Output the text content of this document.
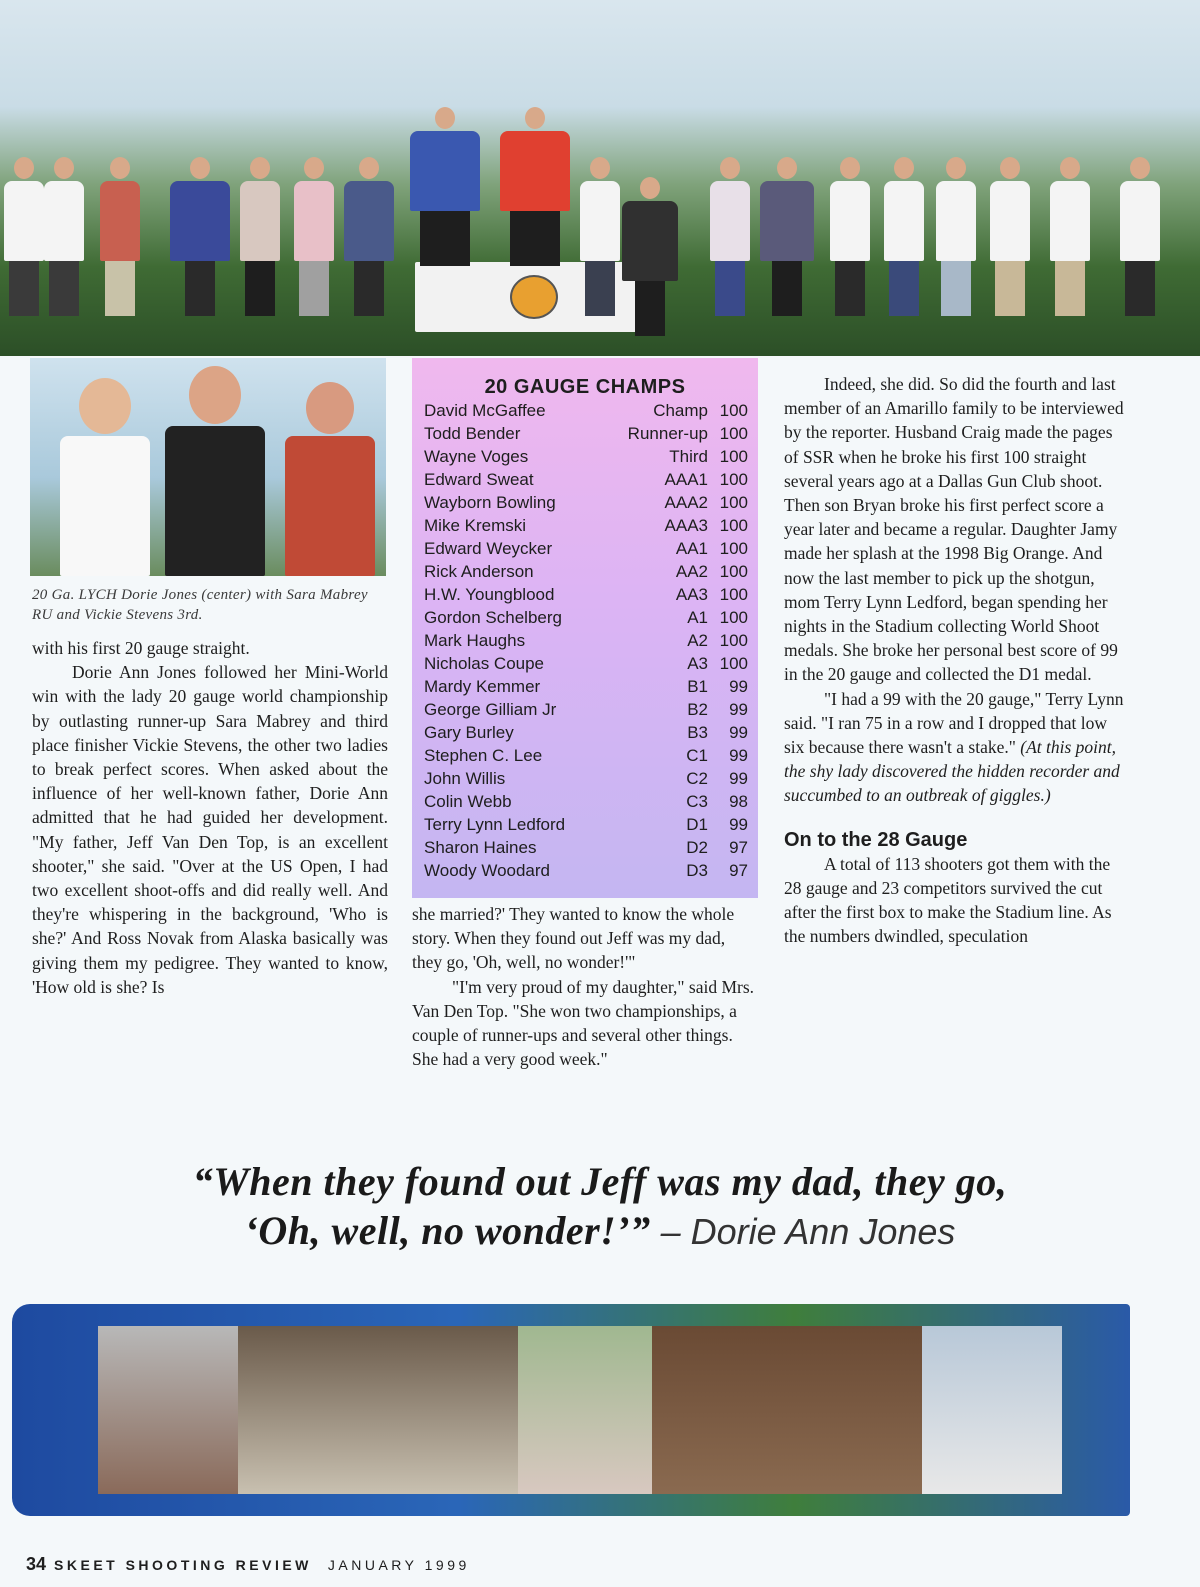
20 Ga. LYCH Dorie Jones (center) with Sara Mabrey RU and Vickie Stevens 3rd.

with his first 20 gauge straight.

Dorie Ann Jones followed her Mini-World win with the lady 20 gauge world championship by outlasting runner-up Sara Mabrey and third place finisher Vickie Stevens, the other two ladies to break perfect scores. When asked about the influence of her well-known father, Dorie Ann admitted that he had guided her development. "My father, Jeff Van Den Top, is an excellent shooter," she said. "Over at the US Open, I had two excellent shoot-offs and did really well. And they're whispering in the background, 'Who is she?' And Ross Novak from Alaska basically was giving them my pedigree. They wanted to know, 'How old is she? Is

20 GAUGE CHAMPS
David McGaffee	Champ	100
Todd Bender	Runner-up	100
Wayne Voges	Third	100
Edward Sweat	AAA1	100
Wayborn Bowling	AAA2	100
Mike Kremski	AAA3	100
Edward Weycker	AA1	100
Rick Anderson	AA2	100
H.W. Youngblood	AA3	100
Gordon Schelberg	A1	100
Mark Haughs	A2	100
Nicholas Coupe	A3	100
Mardy Kemmer	B1	99
George Gilliam Jr	B2	99
Gary Burley	B3	99
Stephen C. Lee	C1	99
John Willis	C2	99
Colin Webb	C3	98
Terry Lynn Ledford	D1	99
Sharon Haines	D2	97
Woody Woodard	D3	97

she married?' They wanted to know the whole story. When they found out Jeff was my dad, they go, 'Oh, well, no wonder!'"

"I'm very proud of my daughter," said Mrs. Van Den Top. "She won two championships, a couple of runner-ups and several other things. She had a very good week."

Indeed, she did. So did the fourth and last member of an Amarillo family to be interviewed by the reporter. Husband Craig made the pages of SSR when he broke his first 100 straight several years ago at a Dallas Gun Club shoot. Then son Bryan broke his first perfect score a year later and became a regular. Daughter Jamy made her splash at the 1998 Big Orange. And now the last member to pick up the shotgun, mom Terry Lynn Ledford, began spending her nights in the Stadium collecting World Shoot medals. She broke her personal best score of 99 in the 20 gauge and collected the D1 medal.

"I had a 99 with the 20 gauge," Terry Lynn said. "I ran 75 in a row and I dropped that low six because there wasn't a stake." (At this point, the shy lady discovered the hidden recorder and succumbed to an outbreak of giggles.)

On to the 28 Gauge

A total of 113 shooters got them with the 28 gauge and 23 competitors survived the cut after the first box to make the Stadium line. As the numbers dwindled, speculation

“When they found out Jeff was my dad, they go,
‘Oh, well, no wonder!’” – Dorie Ann Jones
34 SKEET SHOOTING REVIEW JANUARY 1999
